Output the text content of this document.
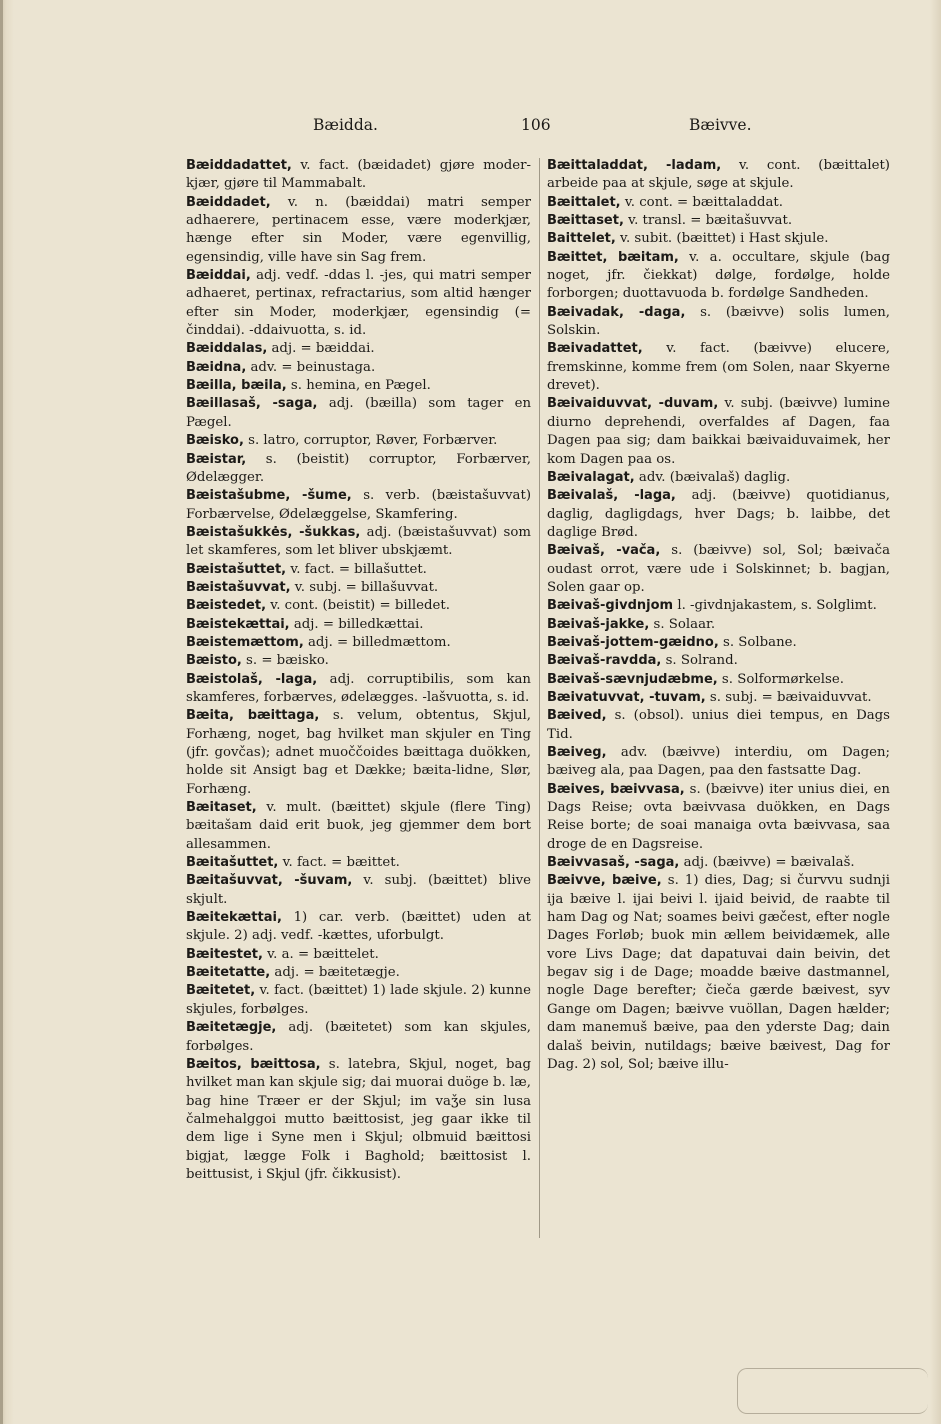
Bæidda.	106	Bæivve.
Bæiddadattet, v. fact. (bæidadet) gjøre moderkjær, gjøre til Mammabalt.
Bæiddadet, v. n. (bæiddai) matri semper adhaerere, pertinacem esse, være moderkjær, hænge efter sin Moder, være egenvillig, egensindig, ville have sin Sag frem.
Bæiddai, adj. vedf. -ddas l. -jes, qui matri semper adhaeret, pertinax, refractarius, som altid hænger efter sin Moder, moderkjær, egensindig (= činddai). -ddaivuotta, s. id.
Bæiddalas, adj. = bæiddai.
Bæidna, adv. = beinustaga.
Bæilla, bæila, s. hemina, en Pægel.
Bæillasaš, -saǥa, adj. (bæilla) som tager en Pægel.
Bæisko, s. latro, corruptor, Røver, Forbærver.
Bæistar, s. (beistit) corruptor, Forbærver, Ødelægger.
Bæistašubme, -šume, s. verb. (bæistašuvvat) Forbærvelse, Ødelæggelse, Skamfering.
Bæistašukkės, -šukkas, adj. (bæistašuvvat) som let skamferes, som let bliver ubskjæmt.
Bæistašuttet, v. fact. = billašuttet.
Bæistašuvvat, v. subj. = billašuvvat.
Bæistedet, v. cont. (beistit) = billedet.
Bæistekættai, adj. = billedkættai.
Bæistemættom, adj. = billedmættom.
Bæisto, s. = bæisko.
Bæistolaš, -laǥa, adj. corruptibilis, som kan skamferes, forbærves, ødelægges. -lašvuotta, s. id.
Bæita, bæittaga, s. velum, obtentus, Skjul, Forhæng, noget, bag hvilket man skjuler en Ting (jfr. govčas); adnet muoččoides bæittaga duökken, holde sit Ansigt bag et Dække; bæita-lidne, Slør, Forhæng.
Bæitaset, v. mult. (bæittet) skjule (flere Ting) bæitašam daid erit buok, jeg gjemmer dem bort allesammen.
Bæitašuttet, v. fact. = bæittet.
Bæitašuvvat, -šuvam, v. subj. (bæittet) blive skjult.
Bæitekættai, 1) car. verb. (bæittet) uden at skjule. 2) adj. vedf. -kættes, uforbulgt.
Bæitestet, v. a. = bæittelet.
Bæitetatte, adj. = bæitetægje.
Bæitetet, v. fact. (bæittet) 1) lade skjule. 2) kunne skjules, forbølges.
Bæitetægje, adj. (bæitetet) som kan skjules, forbølges.
Bæitos, bæittosa, s. latebra, Skjul, noget, bag hvilket man kan skjule sig; dai muorai duöge b. læ, bag hine Træer er der Skjul; im vaǯe sin lusa čalmehalggoi mutto bæittosist, jeg gaar ikke til dem lige i Syne men i Skjul; olbmuid bæittosi bigjat, lægge Folk i Baghold; bæittosist l. beittusist, i Skjul (jfr. čikkusist).
Bæittaladdat, -ladam, v. cont. (bæittalet) arbeide paa at skjule, søge at skjule.
Bæittalet, v. cont. = bæittaladdat.
Bæittaset, v. transl. = bæitašuvvat.
Baittelet, v. subit. (bæittet) i Hast skjule.
Bæittet, bæitam, v. a. occultare, skjule (bag noget, jfr. čiekkat) dølge, fordølge, holde forborgen; duottavuoda b. fordølge Sandheden.
Bæivadak, -daga, s. (bæivve) solis lumen, Solskin.
Bæivadattet, v. fact. (bæivve) elucere, fremskinne, komme frem (om Solen, naar Skyerne drevet).
Bæivaiduvvat, -duvam, v. subj. (bæivve) lumine diurno deprehendi, overfaldes af Dagen, faa Dagen paa sig; dam baikkai bæivaiduvaimek, her kom Dagen paa os.
Bæivalaǥat, adv. (bæivalaš) daglig.
Bæivalaš, -laǥa, adj. (bæivve) quotidianus, daglig, dagligdags, hver Dags; b. laibbe, det daglige Brød.
Bæivaš, -vača, s. (bæivve) sol, Sol; bæivača oudast orrot, være ude i Solskinnet; b. bagjan, Solen gaar op.
Bæivaš-givdnjom l. -givdnjakastem, s. Solglimt.
Bæivaš-jakke, s. Solaar.
Bæivaš-jottem-gæidno, s. Solbane.
Bæivaš-ravdda, s. Solrand.
Bæivaš-sævnjudæbme, s. Solformørkelse.
Bæivatuvvat, -tuvam, s. subj. = bæivaiduvvat.
Bæived, s. (obsol). unius diei tempus, en Dags Tid.
Bæiveg, adv. (bæivve) interdiu, om Dagen; bæiveg ala, paa Dagen, paa den fastsatte Dag.
Bæives, bæivvasa, s. (bæivve) iter unius diei, en Dags Reise; ovta bæivvasa duökken, en Dags Reise borte; de soai manaiga ovta bæivvasa, saa droge de en Dagsreise.
Bæivvasaš, -saǥa, adj. (bæivve) = bæivalaš.
Bæivve, bæive, s. 1) dies, Dag; si čurvvu sudnji ija bæive l. ijai beivi l. ijaid beivid, de raabte til ham Dag og Nat; soames beivi gæčest, efter nogle Dages Forløb; buok min ællem beividæmek, alle vore Livs Dage; dat dapatuvai dain beivin, det begav sig i de Dage; moadde bæive dastmannel, nogle Dage berefter; čieča gærde bæivest, syv Gange om Dagen; bæivve vuöllan, Dagen hælder; dam manemuš bæive, paa den yderste Dag; dain dalaš beivin, nutildags; bæive bæivest, Dag for Dag. 2) sol, Sol; bæive illu-
